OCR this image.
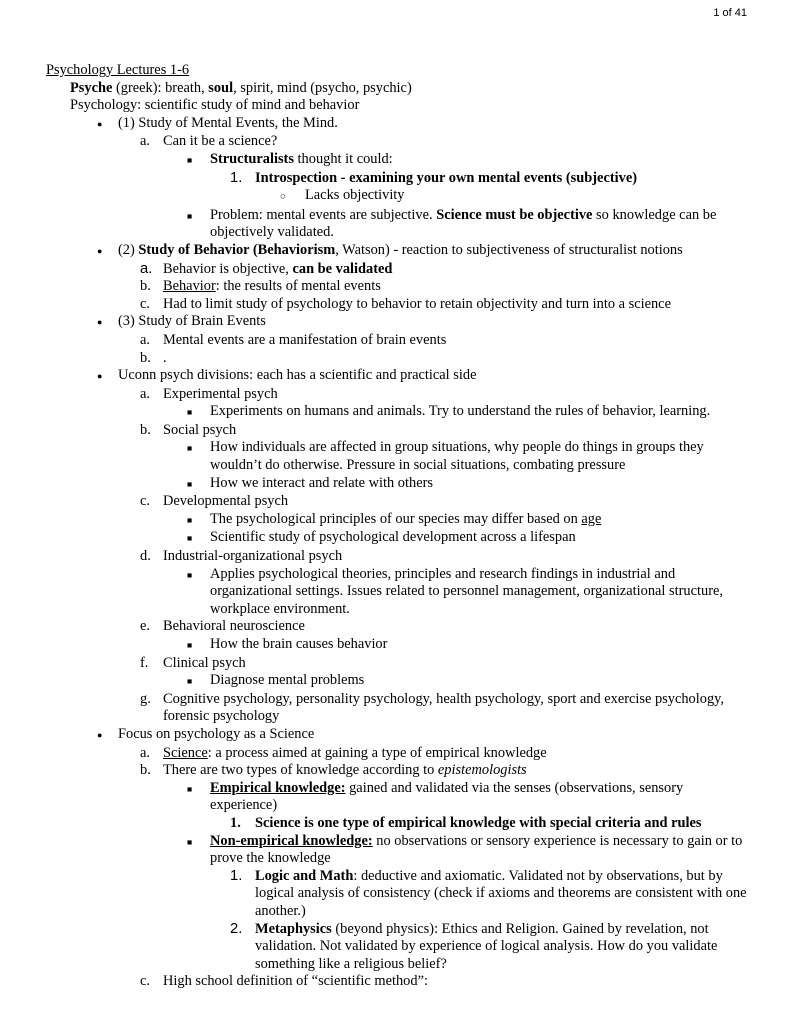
1 of 41
Psychology Lectures 1-6
Psyche (greek): breath, soul, spirit, mind (psycho, psychic)
Psychology: scientific study of mind and behavior
●	(1) Study of Mental Events, the Mind.
a. Can it be a science?
■	Structuralists thought it could:
1. Introspection - examining your own mental events (subjective)
○	Lacks objectivity
■	Problem: mental events are subjective. Science must be objective so knowledge can be objectively validated.
●	(2) Study of Behavior (Behaviorism, Watson) - reaction to subjectiveness of structuralist notions
a. Behavior is objective, can be validated
b. Behavior: the results of mental events
c. Had to limit study of psychology to behavior to retain objectivity and turn into a science
●	(3) Study of Brain Events
a. Mental events are a manifestation of brain events
b. .
●	Uconn psych divisions: each has a scientific and practical side
a. Experimental psych
■	Experiments on humans and animals. Try to understand the rules of behavior, learning.
b. Social psych
■	How individuals are affected in group situations, why people do things in groups they wouldn’t do otherwise. Pressure in social situations, combating pressure
■	How we interact and relate with others
c. Developmental psych
■	The psychological principles of our species may differ based on age
■	Scientific study of psychological development across a lifespan
d. Industrial-organizational psych
■	Applies psychological theories, principles and research findings in industrial and organizational settings. Issues related to personnel management, organizational structure, workplace environment.
e. Behavioral neuroscience
■	How the brain causes behavior
f.	Clinical psych
■	Diagnose mental problems
g. Cognitive psychology, personality psychology, health psychology, sport and exercise psychology, forensic psychology
●	Focus on psychology as a Science
a. Science: a process aimed at gaining a type of empirical knowledge
b. There are two types of knowledge according to epistemologists
■	Empirical knowledge: gained and validated via the senses (observations, sensory experience)
1. Science is one type of empirical knowledge with special criteria and rules
■	Non-empirical knowledge: no observations or sensory experience is necessary to gain or to prove the knowledge
1. Logic and Math: deductive and axiomatic. Validated not by observations, but by logical analysis of consistency (check if axioms and theorems are consistent with one another.)
2. Metaphysics (beyond physics): Ethics and Religion. Gained by revelation, not validation. Not validated by experience of logical analysis. How do you validate something like a religious belief?
c. High school definition of “scientific method”:
